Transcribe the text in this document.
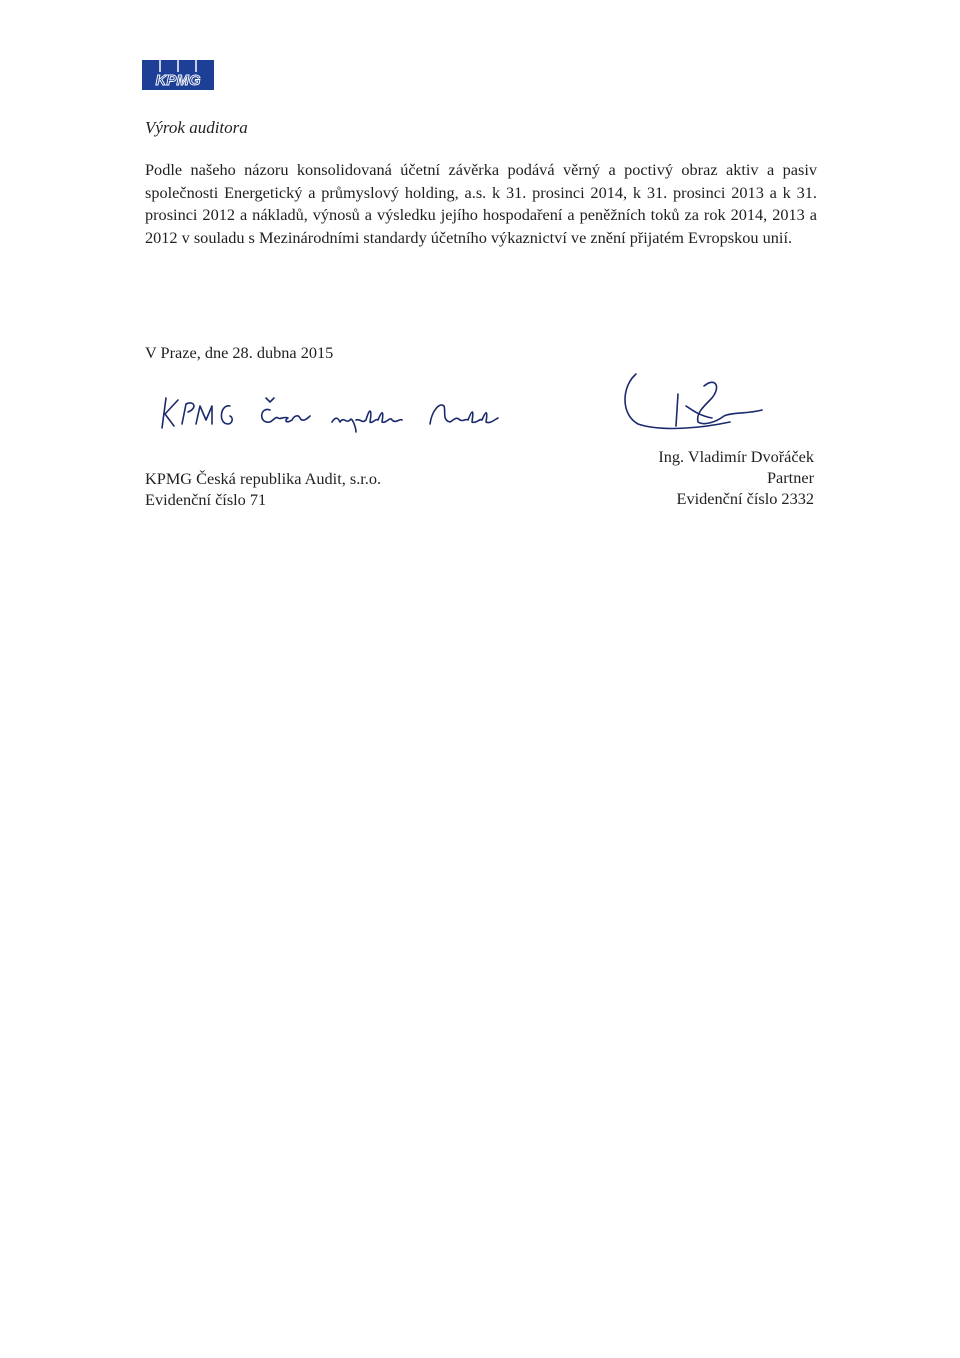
KPMG
Výrok auditora
Podle našeho názoru konsolidovaná účetní závěrka podává věrný a poctivý obraz aktiv a pasiv společnosti Energetický a průmyslový holding, a.s. k 31. prosinci 2014, k 31. prosinci 2013 a k 31. prosinci 2012 a nákladů, výnosů a výsledku jejího hospodaření a peněžních toků za rok 2014, 2013 a 2012 v souladu s Mezinárodními standardy účetního výkaznictví ve znění přijatém Evropskou unií.
V Praze, dne 28. dubna 2015
KPMG Česká republika Audit, s.r.o.
Evidenční číslo 71
Ing. Vladimír Dvořáček
Partner
Evidenční číslo 2332
